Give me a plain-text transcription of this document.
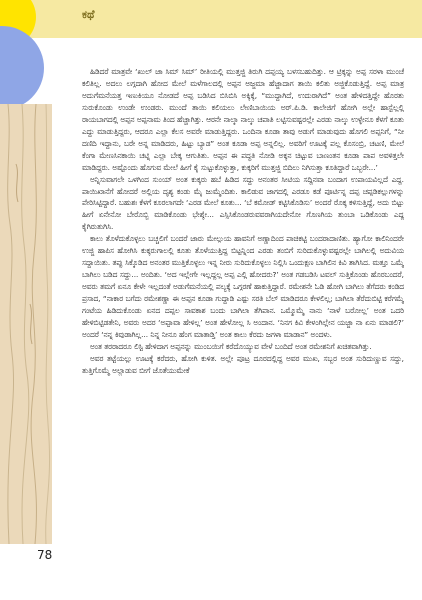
ಕಥೆ
78

ಹಿಡಿದರೆ ಮಾತ್ರವೇ ‘ಖುಲ್ ಜಾ ಸಿಮ್ ಸಿಮ್’ ರೀತಿಯಲ್ಲಿ ಮುತ್ತಜ್ಜಿ ತಿರುಗಿ ದಪ್ಪಯ್ಯ ಬಳಸಬಹುದಿತ್ತು. ಆ ಟ್ರಿಕ್ಕನ್ನು ಅಪ್ಪ ಸರಳಾ ಮುಂಚೆ ಕಲಿತಿಲ್ಲ. ಅದಲು ಲಗ್ಗದಾಗಿ ಹೋದ ಮೇಲೆ ಮಳೆಗಾಲದಲ್ಲಿ ಅಪ್ಪನ ಅಜ್ಜಮಾ ಹೆಜ್ಜಾದಾಗ ತಾಯಿ ಕಲಿತು ಅಜ್ಜಿಕೊಡುತ್ತಿದ್ದೆ. ಅಪ್ಪ ಮಾತ್ರ ಅದುಗೆಮನೆಯತ್ತ ಇಣುಕಿಯೂ ನೋಡದೆ ಅಪ್ಪ ಬಡಿಸಿದ ಬಿಸಿಬಿಸಿ ಅಕ್ಕಿಕ್ಕೆ, “ಮುದ್ದಾಗಿದೆ, ಉದುರಾಗಿದೆ” ಅಂತ ಹೇಳಿದತ್ತಿದ್ದೇ ಹೊರತು ಸುರುಕೊಂಡು ಉಂಡೇ ಉಂಡರು. ಮುಂದೆ ತಾಯಿ ಕಲಿಯಲು ಲೇಣಿಬಾಯಿಯ ಅರ್‌.ಪಿ.ಡಿ. ಕಾಲೇಜಿಗೆ ಹೋಗಿ ಅಲ್ಲೇ ಹಾಸ್ಟೆಲ್ಲಲ್ಲಿ ರಾಯಬಾಗದಲ್ಲಿ ಅಪ್ಪನ ಅಪ್ಪನಾಮ ತಿಂದ ಹೆಚ್ಚಾಗಿತ್ತು. ಆರನೇ ನಾಲ್ಕಾ ನಾಲ್ಕು ಚಪಾತಿ ಲಟ್ಟಿಸುವಷ್ಟರಲ್ಲೇ ಎರಡು ನಾಲ್ಕು ಉಳ್ಳೇನೂ ಕೆಳಗೆ ಕೂತು ಎದ್ದು ಮಾಡುತ್ತಿದ್ದರು, ಆದರೂ ಎಲ್ಲಾ ಕೆಲಸ ಅವರೇ ಮಾಡುತ್ತಿದ್ದರು. ಒಂದಿನಾ ಕೂಡಾ ತಾವು ಅಡುಗೆ ಮಾಡುವುದು ಹೊಗಲಿ ಅಪ್ಪನಿಗೆ, “ನೀ ದಣಿದಿ ಇದ್ದಾನು, ಬರೇ ಅನ್ನ ಮಾಡಿದರು, ಹಿಟ್ಟು ಬ್ಯಾಡ” ಅಂತ ಕೂಡಾ ಅಪ್ಪ ಅನ್ನಲಿಲ್ಲ. ಅವರಿಗೆ ಊಟಕ್ಕೆ ಪಲ್ಲ ಕೊಸಂಬ್ರಿ, ಚಟಣಿ, ಮೇಲೆ ಕೆಂಗಾ ಮೇಣಸಿನಕಾಯಿ ಚಟ್ನಿ ಎಲ್ಲಾ ಬೇಕ್ಕ ಆಗುತಿತು. ಅಪ್ಪನ ಈ ಪದ್ಧತಿ ನೋಡಿ ಅಕ್ಕನ ಚಿಟ್ಟುವ ಬಾಣಂತನ ಕೂಡಾ ಪಾಪ ಅವಳಿತ್ತಲೇ ಮಾಡಿದ್ದರು. ಅಷ್ಟೊಂದು ಹೊಗುವ ಮೇಲೆ ಹೀಗೆ ಕೈ ಸುಟ್ಟುಕೊಳ್ಳುತ್ತಾ, ಕುಕ್ಕರಿಗೆ ಮುತ್ತಜ್ಜಿ ಬಿದಿಲು ನಿಗಿಸುತ್ತಾ ಕೂತಿದ್ದಾರೆ ಒಬ್ಬರೇ...’

ಅನ್ನಿಸುವಾಗಲೇ ಒಳಗಿಂದ ಸುಂಯ್ ಅಂತ ಕುಕ್ಕರು ಹಬೆ ಹಿಡಿದ ಸದ್ದು ಅನಂತರ ಸೀಟಿಯ ಸದ್ದಿನವಾ ಬಂದಾಗ ಉಪಾಯವಿಲ್ಲದೆ ಎದ್ದ. ಪಾಯಿಖಾನೆಗೆ ಹೋದರೆ ಅಲ್ಲಿಯ ದೃಶ್ಯ ಕಂಡು ಮೈ ಜುಮ್ಮೆಂದಿತು. ಕಾಲಿಡುವ ಜಾಗದಲ್ಲಿ ಎರಡೂ ಕಡೆ ಪೂರ್ಟಿನ್ನ ದಪ್ಪ ಚಪ್ಪಡಿಕಲ್ಲುಗಳನ್ನು ಪೇರಿಸಿಟ್ಟಿದ್ದಾರೆ. ಬಹುಶಃ ಕೆಳಗೆ ಕೂರಲಾಗದೇ ‘ಎರಡ ಮೇಲೆ ಕೂತು... ‘ಬೆ ಕಮೋಡ್ ಕಟ್ಟಿಸಿಕೊಡಿಸು’ ಅಂದರೆ ರೊಕ್ಕ ಕಳಿಸುತ್ತಿದ್ದೆ, ಅದು ಬಿಟ್ಟು ಹೀಗೆ ಏನೇನೋ ಬೇರೊಬ್ಬಿ ಮಾಡಿಕೊಂಡು ಭೇಶ್ಶೇ... ಎಸ್ಸಿಸಿಕೊಂಡರುವವರಾಗಿಯದೇನೋ ಗೊಣಗಿಯ ತುಂಬಾ ಒಡಿಕೊಂಡು ಎದ್ದ ಕೈಗಿರುತುಗಿಸಿ.

ಕಾಲು ತೊಳೆದುಕೊಳ್ಳಲು ಬಚ್ಚಲಿಗೆ ಬಂದರೆ ಜಾರು ಮೇಲ್ಗುಯ ಹಾವನಿಗೆ ಅಣ್ಣಾದಿಂದ ಪಾಚಿಕಟ್ಟಿ ಬಂದರಾದಾಣಿತು. ಹ್ಯಾಗೋ ಕಾಲಿನಿಂದರೇ ಉಜ್ಜಿ ಹಾಪಿಸ ಹೋಗಿಸಿ ಕುಕ್ಕರುಗಾಲಲ್ಲಿ ಕೂತು ತೊಳೆಯುತ್ತಿದ್ದ ಬಿಟ್ಟನ್ನಿಂದ ಎರಡು ತಂಬಿಗೆ ಸುರಿದುಕೊಳ್ಳುವಷ್ಟರಲ್ಲೇ ಬಾಗಿಲಲ್ಲಿ ಅದುವಿಯ ಸದ್ದಾಯಿತು. ತಪ್ಪು ಸಿಕ್ಕೊಡಿದ ಅನಂತರ ಮುತ್ತಿಕೊಳ್ಳಲು ಇನ್ನ ನೀರು ಸುರಿದುಕೊಳ್ಳಲು ನಿಲ್ಲಿಸಿ ಒಂದುಕ್ಷಣ ಬಾಗಿಲಿನ ಕಿವಿ ತಾಗಿಸಿದ. ಮತ್ತೂ ಒಮ್ಮೆ ಬಾಗಿಲು ಬಡಿದ ಸದ್ದು... ಅಂದಿತು. ‘ಅದ ಇಲ್ಲೇಗೇ ಇಲ್ಲದ್ದಲ್ಲ ಅಪ್ಪ ಎಲ್ಲಿ ಹೋದರು?’ ಅಂತ ಗಡಬಡಿಸಿ ಟವಲ್ ಸುತ್ತಿಕೊಂಡು ಹೊರಬಂದರೆ, ಅವರು ತಮಗೆ ಏನೂ ಕೇಳೇ ಇಲ್ಲದಂತೆ ಅಡುಗೆಮನೆಯಲ್ಲಿ ಪಲ್ಯಕ್ಕೆ ಒಗ್ಗರಣೆ ಹಾಕುತ್ತಿದ್ದಾರೆ. ರಮೇಶನೇ ಓಡಿ ಹೋಗಿ ಬಾಗಿಲು ತೆಗೆದರು ಕಂಡಿದ ಪ್ರಸಾದ, “ನಾಕಾರ ಬಗೆದು ರಮೇಶಣ್ಣಾ ಈ ಅಪ್ಪನ ಕೂಡಾ ಗುದ್ದಾಡಿ ಎಷ್ಟು ಸರತಿ ಬೆಲ್ ಮಾಡಿದರೂ ಕೇಳಲಿಲ್ಲ; ಬಾಗಿಲಾ ತೆರೆದುಬಿಟ್ಟಿ ಕರೆಗಮ್ಮೆ ಗಂಟೆಯ ಹಿಡಿದುಕೊಂಡು ಏನದ ದಪ್ಪಲ ಸಾವಕಾಶ ಬಂದು ಬಾಗಿಲಾ ತೆಗಿಪಾನ. ಒಮ್ಮೊಮ್ಮೆ ನಾನು ‘ನಾಳೆ ಬರೋಲ್ಲ’ ಅಂತ ಒದರಿ ಹೇಳಿಬಿಟ್ಟಿಡತೇನಿ, ಅವರು ಅದರ ‘ಅಪ್ಪಾವಾ ಹೇಳಿಲ್ಲ’ ಅಂತ ಹೇಳೋಲ್ಲ ಸಿ ಅಂದಾನ. ‘ನಿನಗ ಕಿವಿ ಕೇಳಂಗಿಲ್ಲೇನ ಯಜ್ಜಾ ನಾ ಏನು ಮಾಡಲಿ?’ ಅಂದರೆ ‘ನನ್ನ ಕಿವುಡಾಗಿಲ್ಲ... ನಿನ್ನ ನೀನೂ ಹೆಂಗ ಮಾತಾಡ್ತಿ’ ಅಂತ ಕಾಲು ಕೆರದು ಜಗಳಾ ಮಾಡಾನ” ಅಂದಳು.

ಅಂತ ತರರಾದರೂ ಲಿಸ್ಟಿ ಹೇಳಿದಾಗ ಅಪ್ಪನನ್ನು ಮುಂಬಯಿಗೆ ಕರೆದೊಯ್ಯುವ ವೇಳೆ ಬಂದಿದೆ ಅಂತ ರಮೇಶನಿಗೆ ಖಚಿತವಾಗಿತ್ತು.

ಅವರ ತಟ್ಟೆಯಲ್ಲು ಊಟಕ್ಕೆ ಕರೆದರು, ಹೋಗಿ ಕುಳಿತ. ಅಲ್ಲೇ ಪೂಟ್ರ ದೂರದಲ್ಲಿದ್ದ ಅವರ ಮುಖ, ಸಬ್ಬರ ಅಂತ ಸುರಿದುಣ್ಣುವ ಸದ್ದು, ತುತ್ತಿಗೊಮ್ಮೆ ಅಲ್ಲಾಡುವ ಬೀಗೆ ಜೊತೆಯುಮೇಕೆ
